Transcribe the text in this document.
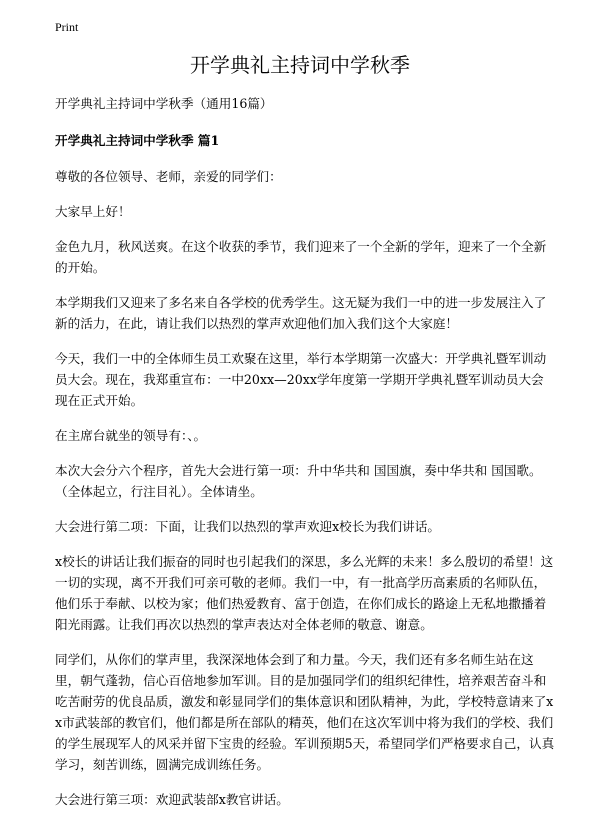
Print
开学典礼主持词中学秋季

开学典礼主持词中学秋季（通用16篇）

开学典礼主持词中学秋季 篇1

尊敬的各位领导、老师，亲爱的同学们：

大家早上好！

金色九月，秋风送爽。在这个收获的季节，我们迎来了一个全新的学年，迎来了一个全新的开始。

本学期我们又迎来了多名来自各学校的优秀学生。这无疑为我们一中的进一步发展注入了新的活力，在此，请让我们以热烈的掌声欢迎他们加入我们这个大家庭！

今天，我们一中的全体师生员工欢聚在这里，举行本学期第一次盛大：开学典礼暨军训动员大会。现在，我郑重宣布：一中20xx—20xx学年度第一学期开学典礼暨军训动员大会现在正式开始。

在主席台就坐的领导有：、。

本次大会分六个程序，首先大会进行第一项：升中华共和 国国旗，奏中华共和 国国歌。（全体起立，行注目礼）。全体请坐。

大会进行第二项：下面，让我们以热烈的掌声欢迎x校长为我们讲话。

x校长的讲话让我们振奋的同时也引起我们的深思，多么光辉的未来！多么殷切的希望！这一切的实现，离不开我们可亲可敬的老师。我们一中，有一批高学历高素质的名师队伍，他们乐于奉献、以校为家；他们热爱教育、富于创造，在你们成长的路途上无私地撒播着阳光雨露。让我们再次以热烈的掌声表达对全体老师的敬意、谢意。

同学们，从你们的掌声里，我深深地体会到了和力量。今天，我们还有多名师生站在这里，朝气蓬勃，信心百倍地参加军训。目的是加强同学们的组织纪律性，培养艰苦奋斗和吃苦耐劳的优良品质，激发和彰显同学们的集体意识和团队精神，为此，学校特意请来了xx市武装部的教官们，他们都是所在部队的精英，他们在这次军训中将为我们的学校、我们的学生展现军人的风采并留下宝贵的经验。军训预期5天，希望同学们严格要求自己，认真学习，刻苦训练，圆满完成训练任务。

大会进行第三项：欢迎武装部x教官讲话。
